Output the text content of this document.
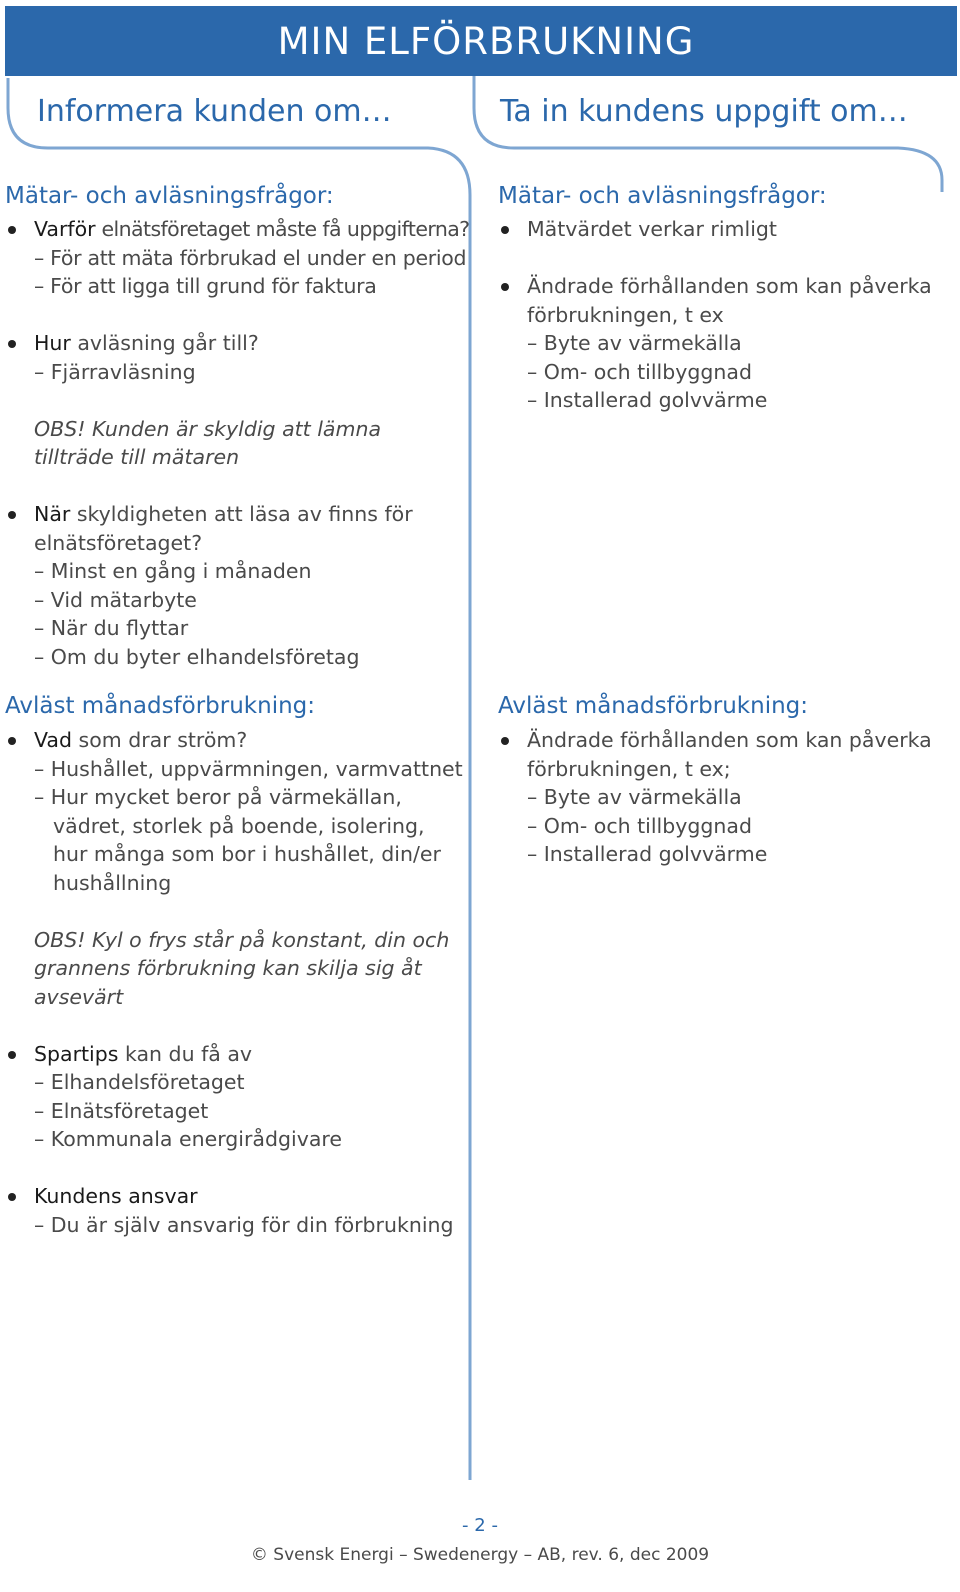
MIN ELFÖRBRUKNING
Informera kunden om…	Ta in kundens uppgift om…
Mätar- och avläsningsfrågor:
Varför elnätsföretaget måste få uppgifterna?
– För att mäta förbrukad el under en period
– För att ligga till grund för faktura
Hur avläsning går till?
– Fjärravläsning
OBS! Kunden är skyldig att lämna
tillträde till mätaren
När skyldigheten att läsa av finns för
elnätsföretaget?
– Minst en gång i månaden
– Vid mätarbyte
– När du flyttar
– Om du byter elhandelsföretag
Avläst månadsförbrukning:
Vad som drar ström?
– Hushållet, uppvärmningen, varmvattnet
– Hur mycket beror på värmekällan,
vädret, storlek på boende, isolering,
hur många som bor i hushållet, din/er
hushållning
OBS! Kyl o frys står på konstant, din och
grannens förbrukning kan skilja sig åt
avsevärt
Spartips kan du få av
– Elhandelsföretaget
– Elnätsföretaget
– Kommunala energirådgivare
Kundens ansvar
– Du är själv ansvarig för din förbrukning
Mätar- och avläsningsfrågor:
Mätvärdet verkar rimligt
Ändrade förhållanden som kan påverka
förbrukningen, t ex
– Byte av värmekälla
– Om- och tillbyggnad
– Installerad golvvärme
Avläst månadsförbrukning:
Ändrade förhållanden som kan påverka
förbrukningen, t ex;
– Byte av värmekälla
– Om- och tillbyggnad
– Installerad golvvärme
- 2 -
© Svensk Energi – Swedenergy – AB, rev. 6, dec 2009
